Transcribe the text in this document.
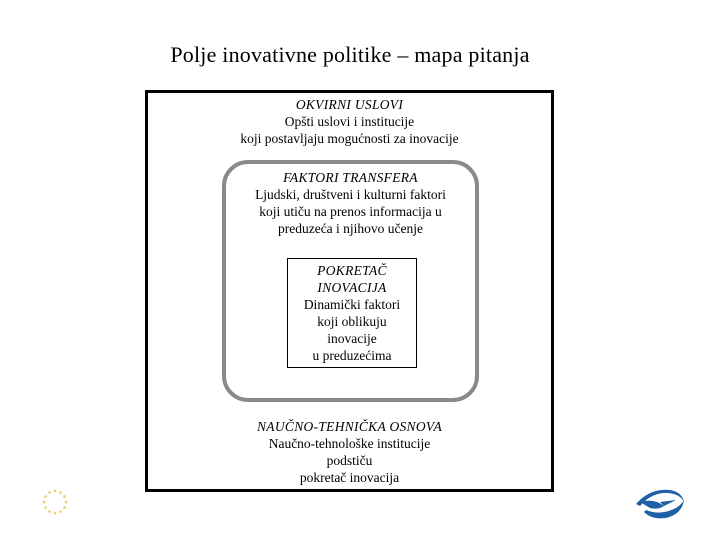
Polje inovativne politike – mapa pitanja
OKVIRNI USLOVI
Opšti uslovi i institucije
koji postavljaju mogućnosti za inovacije
FAKTORI TRANSFERA
Ljudski, društveni i kulturni faktori
koji utiču na prenos informacija u
preduzeća i njihovo učenje
POKRETAČ
INOVACIJA
Dinamički faktori
koji oblikuju
inovacije
u preduzećima
NAUČNO-TEHNIČKA OSNOVA
Naučno-tehnološke institucije
podstiču
pokretač inovacija
